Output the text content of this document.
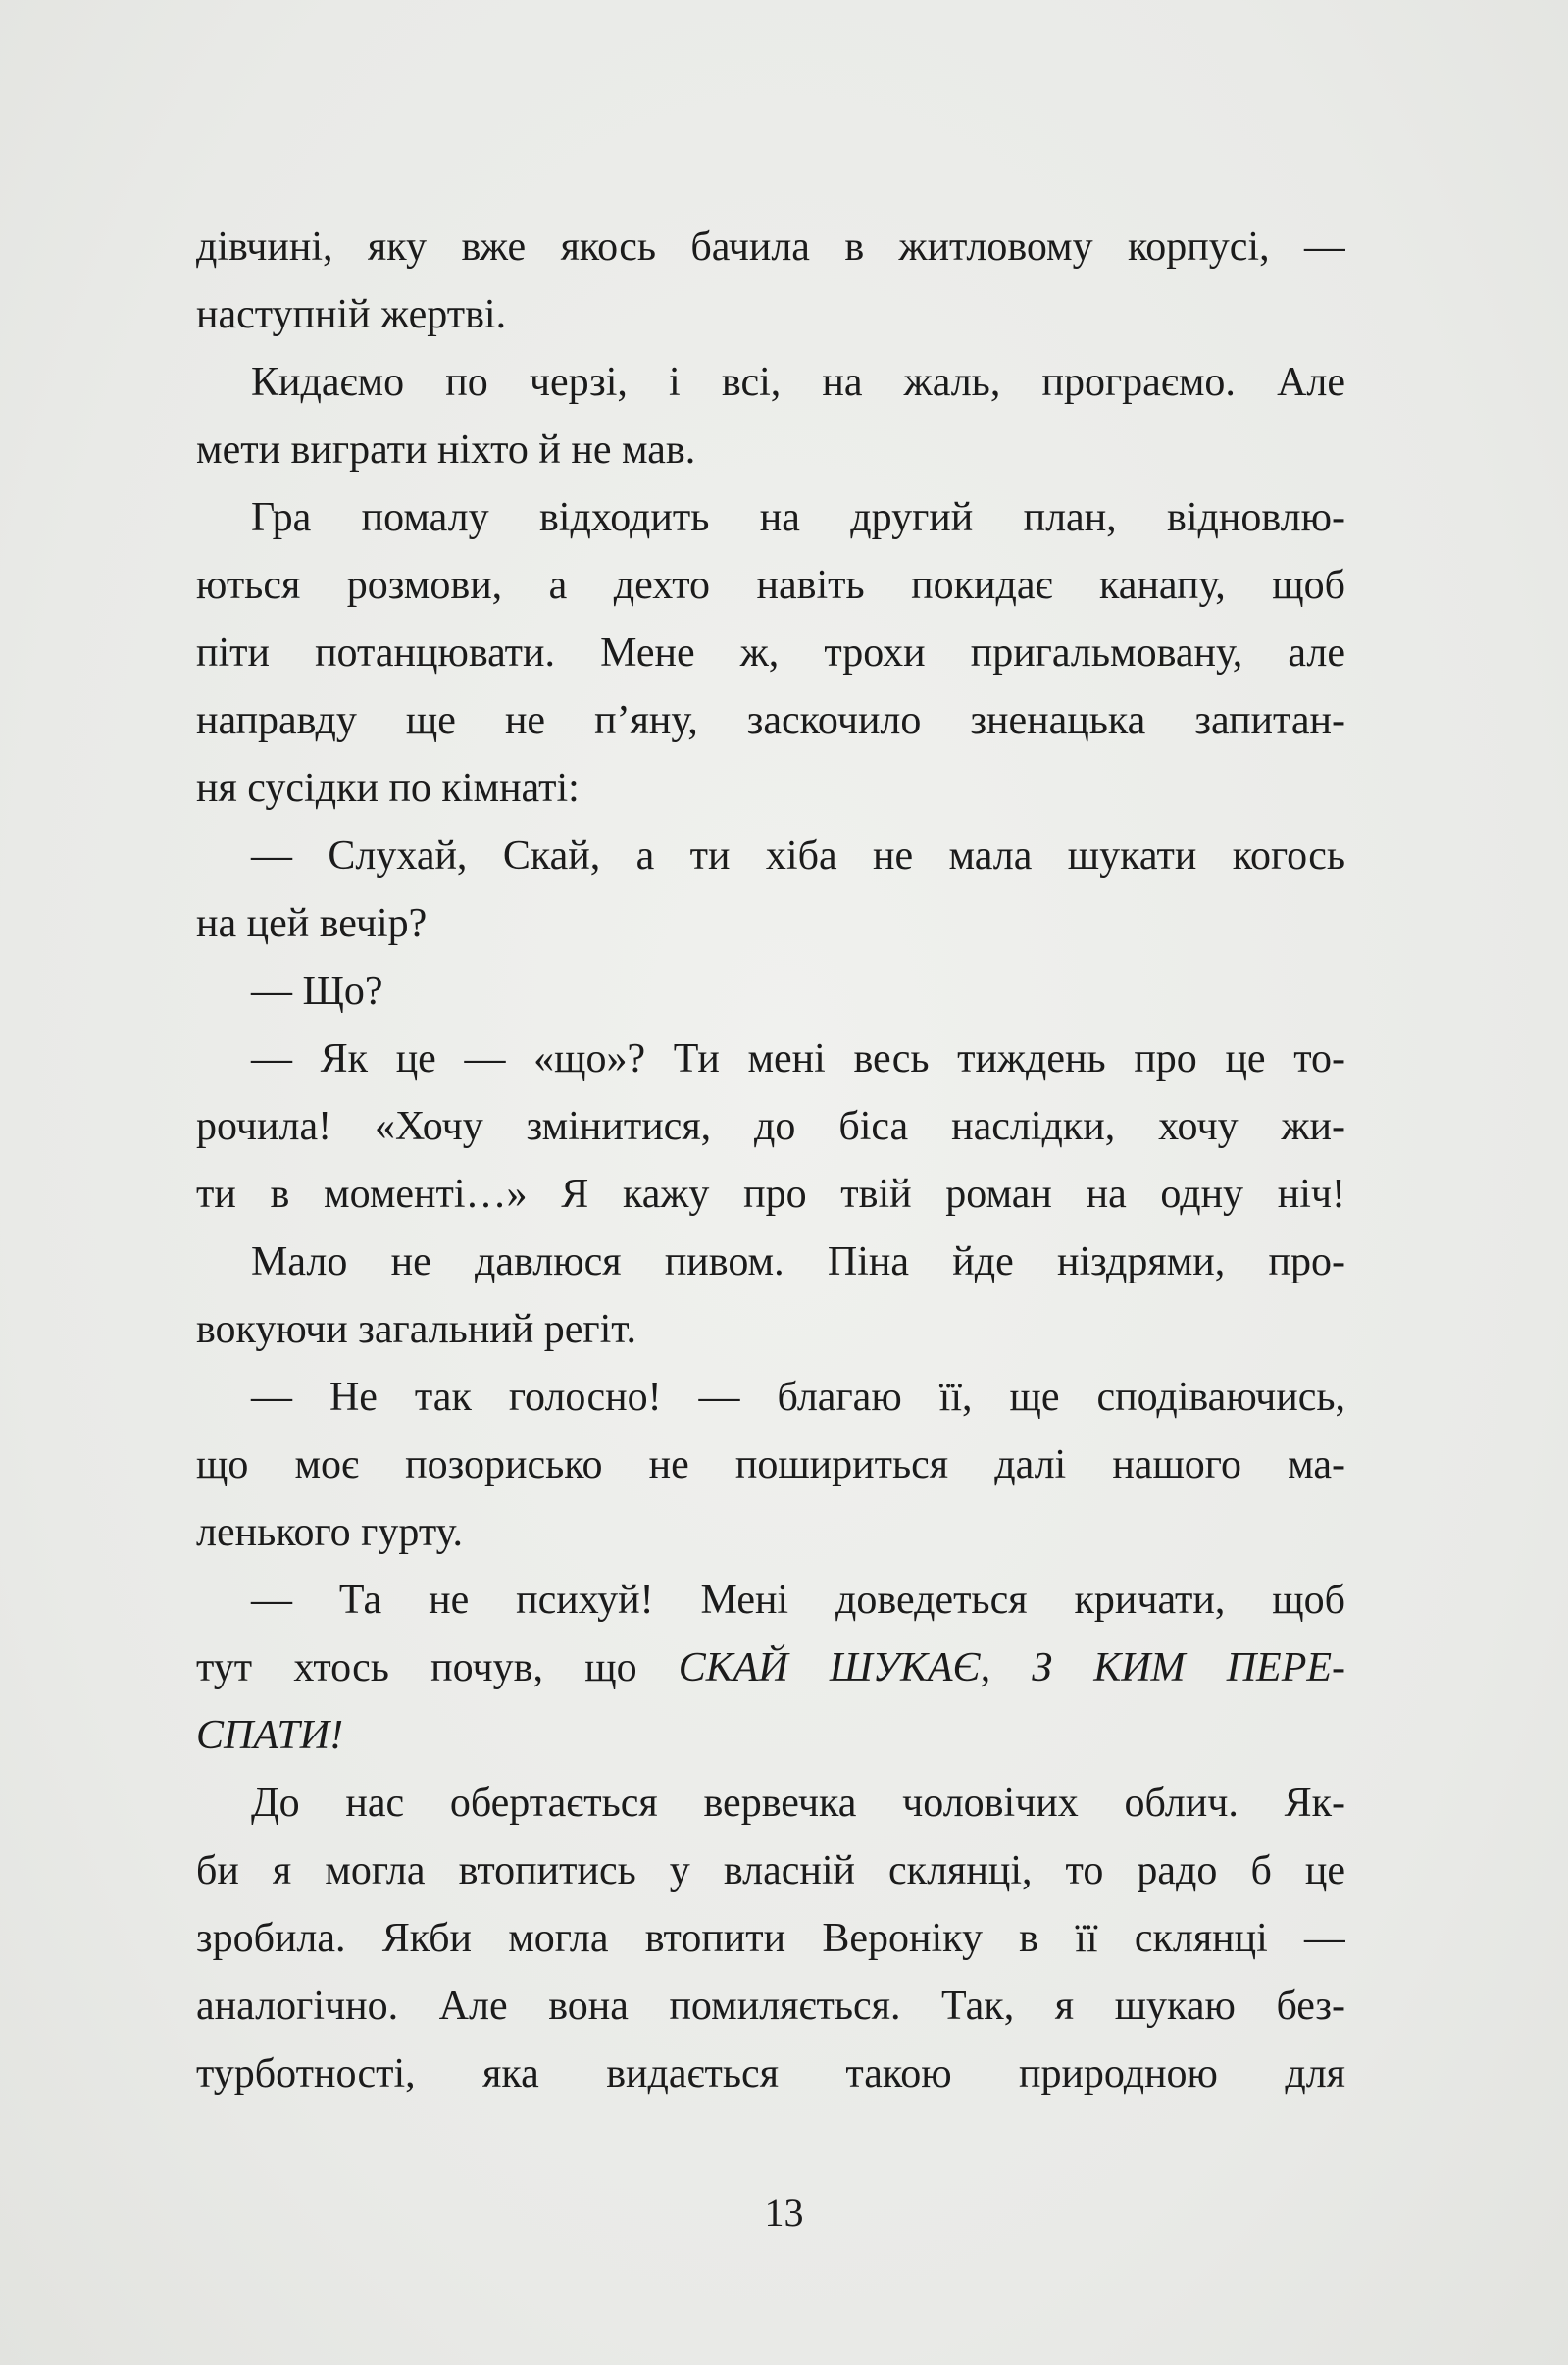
дівчині, яку вже якось бачила в житловому корпусі, —
наступній жертві.
Кидаємо по черзі, і всі, на жаль, програємо. Але
мети виграти ніхто й не мав.
Гра помалу відходить на другий план, відновлю-
ються розмови, а дехто навіть покидає канапу, щоб
піти потанцювати. Мене ж, трохи пригальмовану, але
направду ще не п’яну, заскочило зненацька запитан-
ня сусідки по кімнаті:
— Слухай, Скай, а ти хіба не мала шукати когось
на цей вечір?
— Що?
— Як це — «що»? Ти мені весь тиждень про це то-
рочила! «Хочу змінитися, до біса наслідки, хочу жи-
ти в моменті…» Я кажу про твій роман на одну ніч!
Мало не давлюся пивом. Піна йде ніздрями, про-
вокуючи загальний регіт.
— Не так голосно! — благаю її, ще сподіваючись,
що моє позорисько не пошириться далі нашого ма-
ленького гурту.
— Та не психуй! Мені доведеться кричати, щоб
тут хтось почув, що СКАЙ ШУКАЄ, З КИМ ПЕРЕ-
СПАТИ!
До нас обертається вервечка чоловічих облич. Як-
би я могла втопитись у власній склянці, то радо б це
зробила. Якби могла втопити Вероніку в її склянці —
аналогічно. Але вона помиляється. Так, я шукаю без-
турботності, яка видається такою природною для
13
